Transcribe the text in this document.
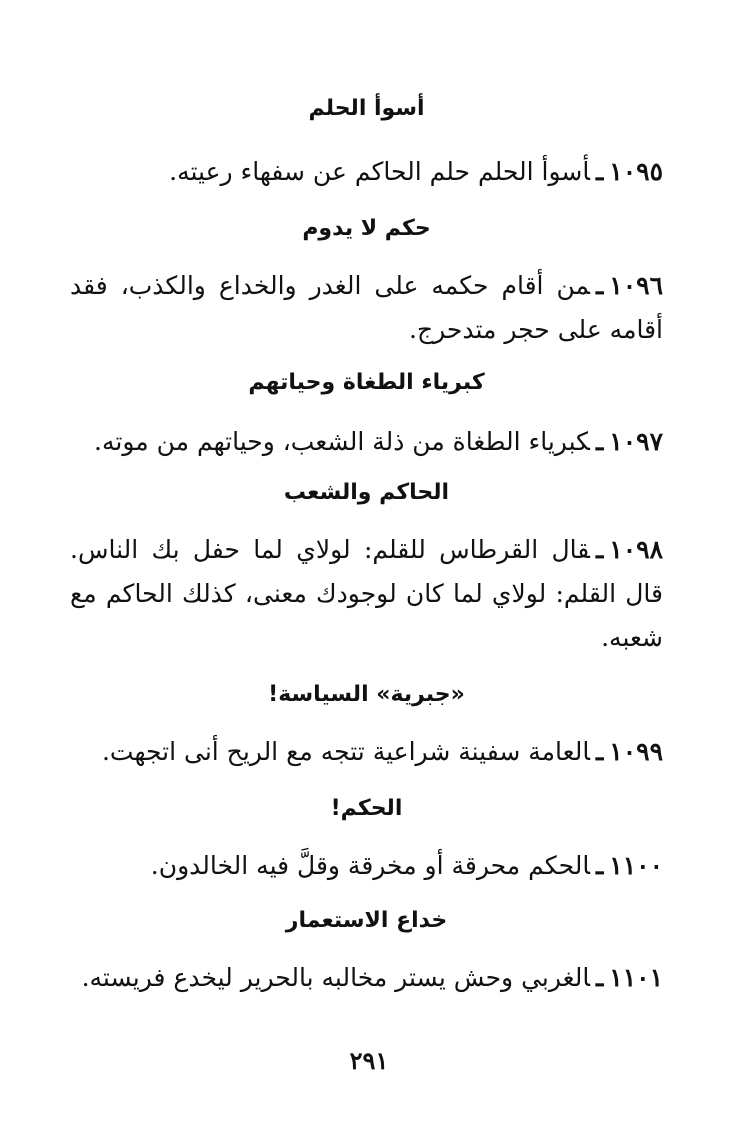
أسوأ الحلم

١٠٩٥ـأسوأ الحلم حلم الحاكم عن سفهاء رعيته.

حكم لا يدوم

١٠٩٦ـمن أقام حكمه على الغدر والخداع والكذب، فقد أقامه على حجر متدحرج.

كبرياء الطغاة وحياتهم

١٠٩٧ـكبرياء الطغاة من ذلة الشعب، وحياتهم من موته.

الحاكم والشعب

١٠٩٨ـقال القرطاس للقلم: لولاي لما حفل بك الناس. قال القلم: لولاي لما كان لوجودك معنى، كذلك الحاكم مع شعبه.

«جبرية» السياسة!

١٠٩٩ـالعامة سفينة شراعية تتجه مع الريح أنى اتجهت.

الحكم!

١١٠٠ـالحكم محرقة أو مخرقة وقلَّ فيه الخالدون.

خداع الاستعمار

١١٠١ـالغربي وحش يستر مخالبه بالحرير ليخدع فريسته.

٢٩١
